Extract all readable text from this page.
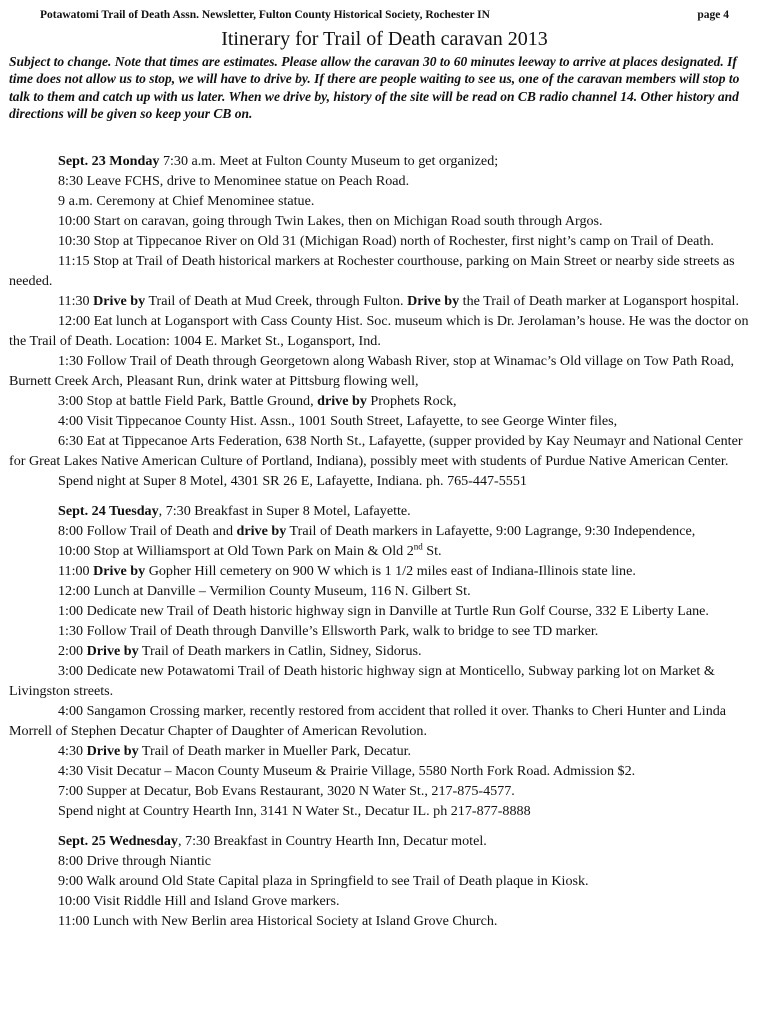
Potawatomi Trail of Death Assn. Newsletter, Fulton County Historical Society, Rochester IN	page 4
Itinerary for Trail of Death caravan 2013
Subject to change. Note that times are estimates. Please allow the caravan 30 to 60 minutes leeway to arrive at places designated. If time does not allow us to stop, we will have to drive by. If there are people waiting to see us, one of the caravan members will stop to talk to them and catch up with us later. When we drive by, history of the site will be read on CB radio channel 14. Other history and directions will be given so keep your CB on.

Sept. 23 Monday 7:30 a.m. Meet at Fulton County Museum to get organized;

8:30 Leave FCHS, drive to Menominee statue on Peach Road.

9 a.m. Ceremony at Chief Menominee statue.

10:00 Start on caravan, going through Twin Lakes, then on Michigan Road south through Argos.

10:30 Stop at Tippecanoe River on Old 31 (Michigan Road) north of Rochester, first night’s camp on Trail of Death.

11:15 Stop at Trail of Death historical markers at Rochester courthouse, parking on Main Street or nearby side streets as needed.

11:30 Drive by Trail of Death at Mud Creek, through Fulton. Drive by the Trail of Death marker at Logansport hospital.

12:00 Eat lunch at Logansport with Cass County Hist. Soc. museum which is Dr. Jerolaman’s house. He was the doctor on the Trail of Death. Location: 1004 E. Market St., Logansport, Ind.

1:30 Follow Trail of Death through Georgetown along Wabash River, stop at Winamac’s Old village on Tow Path Road, Burnett Creek Arch, Pleasant Run, drink water at Pittsburg flowing well,

3:00 Stop at battle Field Park, Battle Ground, drive by Prophets Rock,

4:00 Visit Tippecanoe County Hist. Assn., 1001 South Street, Lafayette, to see George Winter files,

6:30 Eat at Tippecanoe Arts Federation, 638 North St., Lafayette, (supper provided by Kay Neumayr and National Center for Great Lakes Native American Culture of Portland, Indiana), possibly meet with students of Purdue Native American Center.

Spend night at Super 8 Motel, 4301 SR 26 E, Lafayette, Indiana. ph. 765-447-5551

Sept. 24 Tuesday, 7:30 Breakfast in Super 8 Motel, Lafayette.

8:00 Follow Trail of Death and drive by Trail of Death markers in Lafayette, 9:00 Lagrange, 9:30 Independence,

10:00 Stop at Williamsport at Old Town Park on Main & Old 2nd St.

11:00 Drive by Gopher Hill cemetery on 900 W which is 1 1/2 miles east of Indiana-Illinois state line.

12:00 Lunch at Danville – Vermilion County Museum, 116 N. Gilbert St.

1:00 Dedicate new Trail of Death historic highway sign in Danville at Turtle Run Golf Course, 332 E Liberty Lane.

1:30 Follow Trail of Death through Danville’s Ellsworth Park, walk to bridge to see TD marker.

2:00 Drive by Trail of Death markers in Catlin, Sidney, Sidorus.

3:00 Dedicate new Potawatomi Trail of Death historic highway sign at Monticello, Subway parking lot on Market & Livingston streets.

4:00 Sangamon Crossing marker, recently restored from accident that rolled it over. Thanks to Cheri Hunter and Linda Morrell of Stephen Decatur Chapter of Daughter of American Revolution.

4:30 Drive by Trail of Death marker in Mueller Park, Decatur.

4:30 Visit Decatur – Macon County Museum & Prairie Village, 5580 North Fork Road. Admission $2.

7:00 Supper at Decatur, Bob Evans Restaurant, 3020 N Water St., 217-875-4577.

Spend night at Country Hearth Inn, 3141 N Water St., Decatur IL. ph 217-877-8888

Sept. 25 Wednesday, 7:30 Breakfast in Country Hearth Inn, Decatur motel.

8:00 Drive through Niantic

9:00 Walk around Old State Capital plaza in Springfield to see Trail of Death plaque in Kiosk.

10:00 Visit Riddle Hill and Island Grove markers.

11:00 Lunch with New Berlin area Historical Society at Island Grove Church.
